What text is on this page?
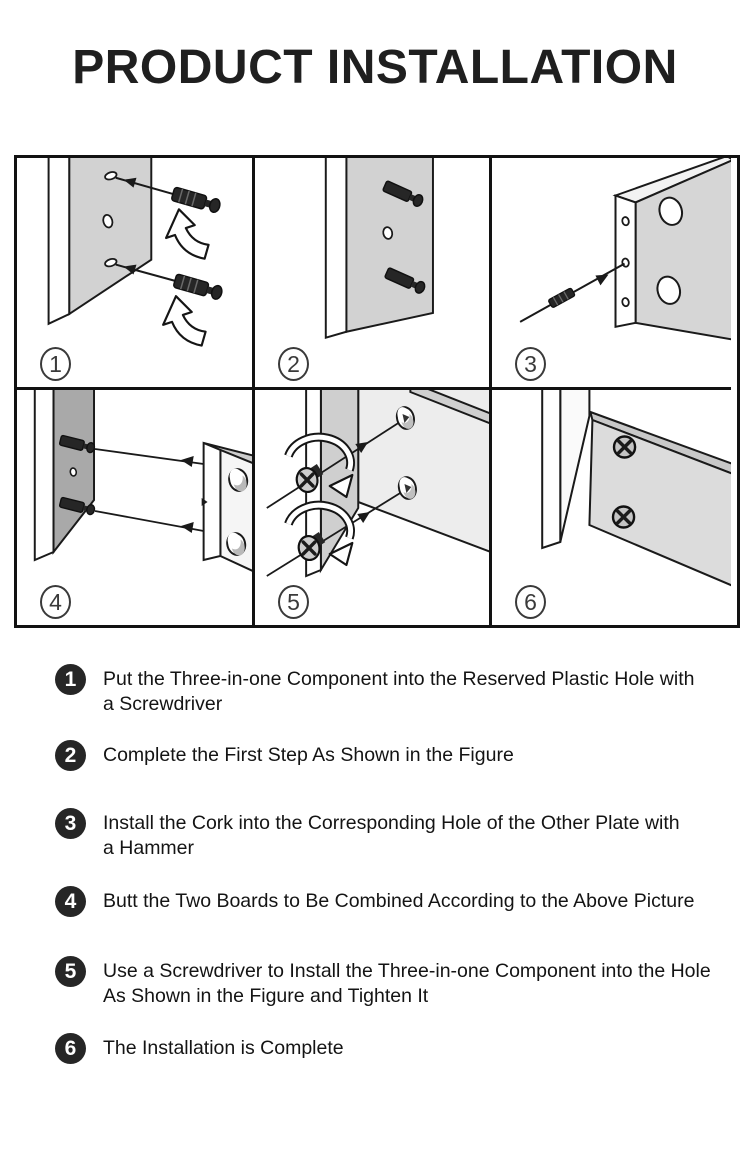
PRODUCT INSTALLATION
1	2	3
4	5	6
1	Put the Three-in-one Component into the Reserved Plastic Hole with
a Screwdriver
2	Complete the First Step As Shown in the Figure
3	Install the Cork into the Corresponding Hole of the Other Plate with
a Hammer
4	Butt the Two Boards to Be Combined According to the Above Picture
5	Use a Screwdriver to Install the Three-in-one Component into the Hole
As Shown in the Figure and Tighten It
6	The Installation is Complete
